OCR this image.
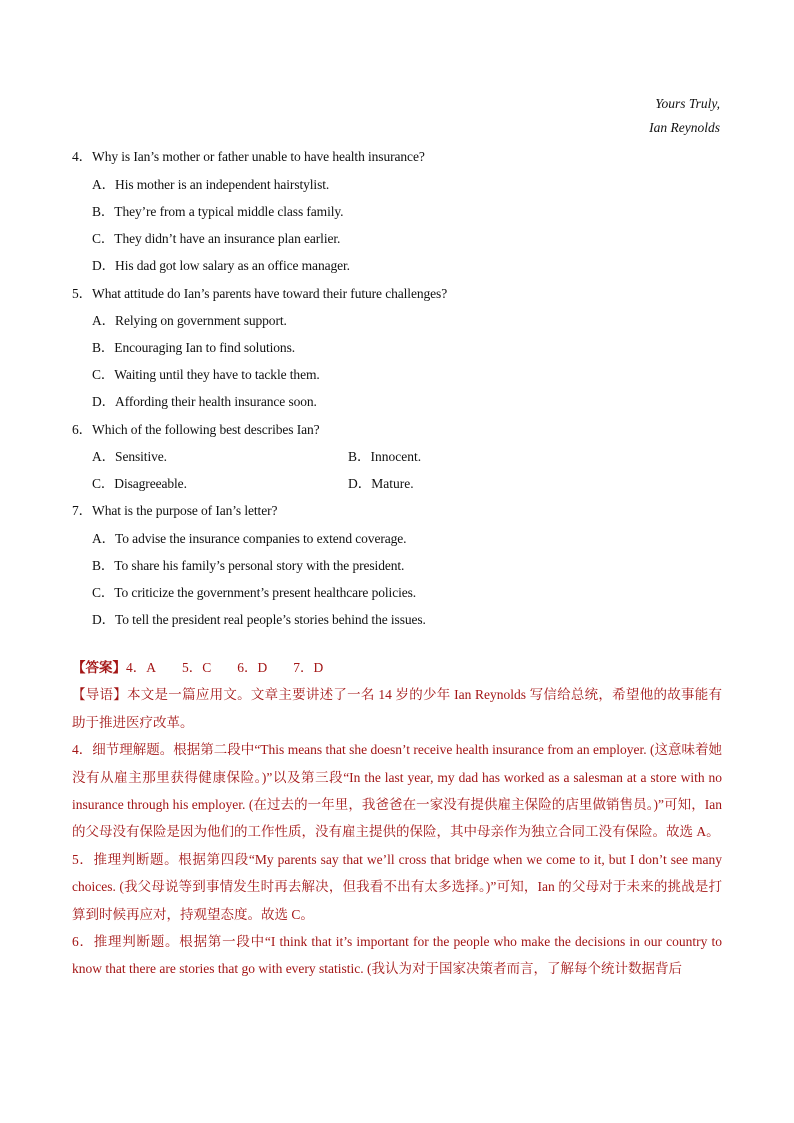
Yours Truly,
Ian Reynolds
4．Why is Ian’s mother or father unable to have health insurance?
A．His mother is an independent hairstylist.
B．They’re from a typical middle class family.
C．They didn’t have an insurance plan earlier.
D．His dad got low salary as an office manager.
5．What attitude do Ian’s parents have toward their future challenges?
A．Relying on government support.
B．Encouraging Ian to find solutions.
C．Waiting until they have to tackle them.
D．Affording their health insurance soon.
6．Which of the following best describes Ian?
A．Sensitive.	B．Innocent.
C．Disagreeable.	D．Mature.
7．What is the purpose of Ian’s letter?
A．To advise the insurance companies to extend coverage.
B．To share his family’s personal story with the president.
C．To criticize the government’s present healthcare policies.
D．To tell the president real people’s stories behind the issues.

【答案】4．A 5．C 6．D 7．D

【导语】本文是一篇应用文。文章主要讲述了一名 14 岁的少年 Ian Reynolds 写信给总统，希望他的故事能有助于推进医疗改革。

4．细节理解题。根据第二段中“This means that she doesn’t receive health insurance from an employer. (这意味着她没有从雇主那里获得健康保险。)”以及第三段“In the last year, my dad has worked as a salesman at a store with no insurance through his employer. (在过去的一年里，我爸爸在一家没有提供雇主保险的店里做销售员。)”可知，Ian 的父母没有保险是因为他们的工作性质，没有雇主提供的保险，其中母亲作为独立合同工没有保险。故选 A。

5．推理判断题。根据第四段“My parents say that we’ll cross that bridge when we come to it, but I don’t see many choices. (我父母说等到事情发生时再去解决，但我看不出有太多选择。)”可知，Ian 的父母对于未来的挑战是打算到时候再应对，持观望态度。故选 C。

6．推理判断题。根据第一段中“I think that it’s important for the people who make the decisions in our country to know that there are stories that go with every statistic. (我认为对于国家决策者而言，了解每个统计数据背后
